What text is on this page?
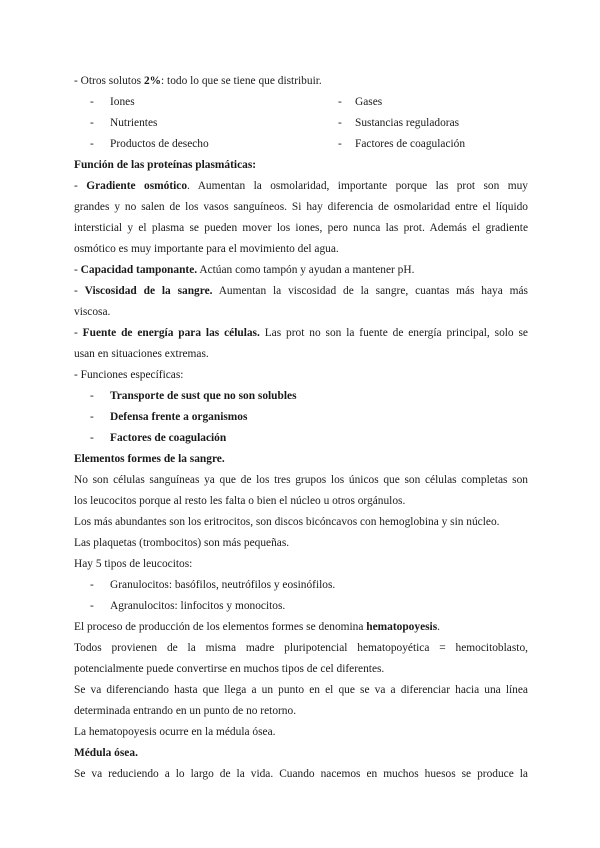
- Otros solutos 2%: todo lo que se tiene que distribuir.
- Iones	- Gases
- Nutrientes	- Sustancias reguladoras
- Productos de desecho	- Factores de coagulación
Función de las proteínas plasmáticas:
- Gradiente osmótico. Aumentan la osmolaridad, importante porque las prot son muy
grandes y no salen de los vasos sanguíneos. Si hay diferencia de osmolaridad entre el líquido
intersticial y el plasma se pueden mover los iones, pero nunca las prot. Además el gradiente
osmótico es muy importante para el movimiento del agua.
- Capacidad tamponante. Actúan como tampón y ayudan a mantener pH.
- Viscosidad de la sangre. Aumentan la viscosidad de la sangre, cuantas más haya más
viscosa.
- Fuente de energía para las células. Las prot no son la fuente de energía principal, solo se
usan en situaciones extremas.
- Funciones específicas:
- Transporte de sust que no son solubles
- Defensa frente a organismos
- Factores de coagulación
Elementos formes de la sangre.
No son células sanguíneas ya que de los tres grupos los únicos que son células completas son
los leucocitos porque al resto les falta o bien el núcleo u otros orgánulos.
Los más abundantes son los eritrocitos, son discos bicóncavos con hemoglobina y sin núcleo.
Las plaquetas (trombocitos) son más pequeñas.
Hay 5 tipos de leucocitos:
- Granulocitos: basófilos, neutrófilos y eosinófilos.
- Agranulocitos: linfocitos y monocitos.
El proceso de producción de los elementos formes se denomina hematopoyesis.
Todos provienen de la misma madre pluripotencial hematopoyética = hemocitoblasto,
potencialmente puede convertirse en muchos tipos de cel diferentes.
Se va diferenciando hasta que llega a un punto en el que se va a diferenciar hacia una línea
determinada entrando en un punto de no retorno.
La hematopoyesis ocurre en la médula ósea.
Médula ósea.
Se va reduciendo a lo largo de la vida. Cuando nacemos en muchos huesos se produce la
